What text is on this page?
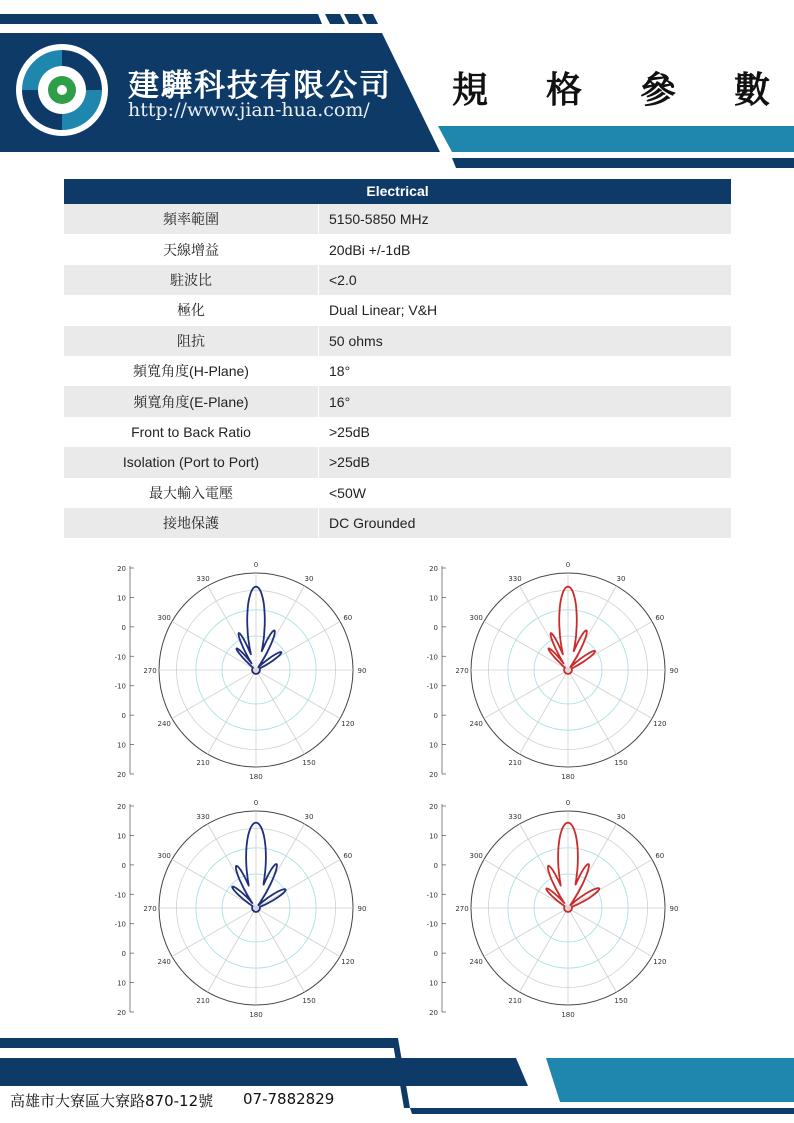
建驊科技有限公司
http://www.jian-hua.com/ 規 格 參 數
Electrical
頻率範圍	5150-5850 MHz
天線增益	20dBi +/-1dB
駐波比	<2.0
極化	Dual Linear; V&H
阻抗	50 ohms
頻寬角度(H-Plane)	18°
頻寬角度(E-Plane)	16°
Front to Back Ratio	>25dB
Isolation (Port to Port)	>25dB
最大輸入電壓	<50W
接地保護	DC Grounded
20
10
0
-10
-10
0
10
20
0
30
60
90
120
150
180
210
240
270
300
330
20
10
0
-10
-10
0
10
20
0
30
60
90
120
150
180
210
240
270
300
330
20
10
0
-10
-10
0
10
20
0
30
60
90
120
150
180
210
240
270
300
330
20
10
0
-10
-10
0
10
20
0
30
60
90
120
150
180
210
240
270
300
330
高雄市大寮區大寮路870-12號 07-7882829
